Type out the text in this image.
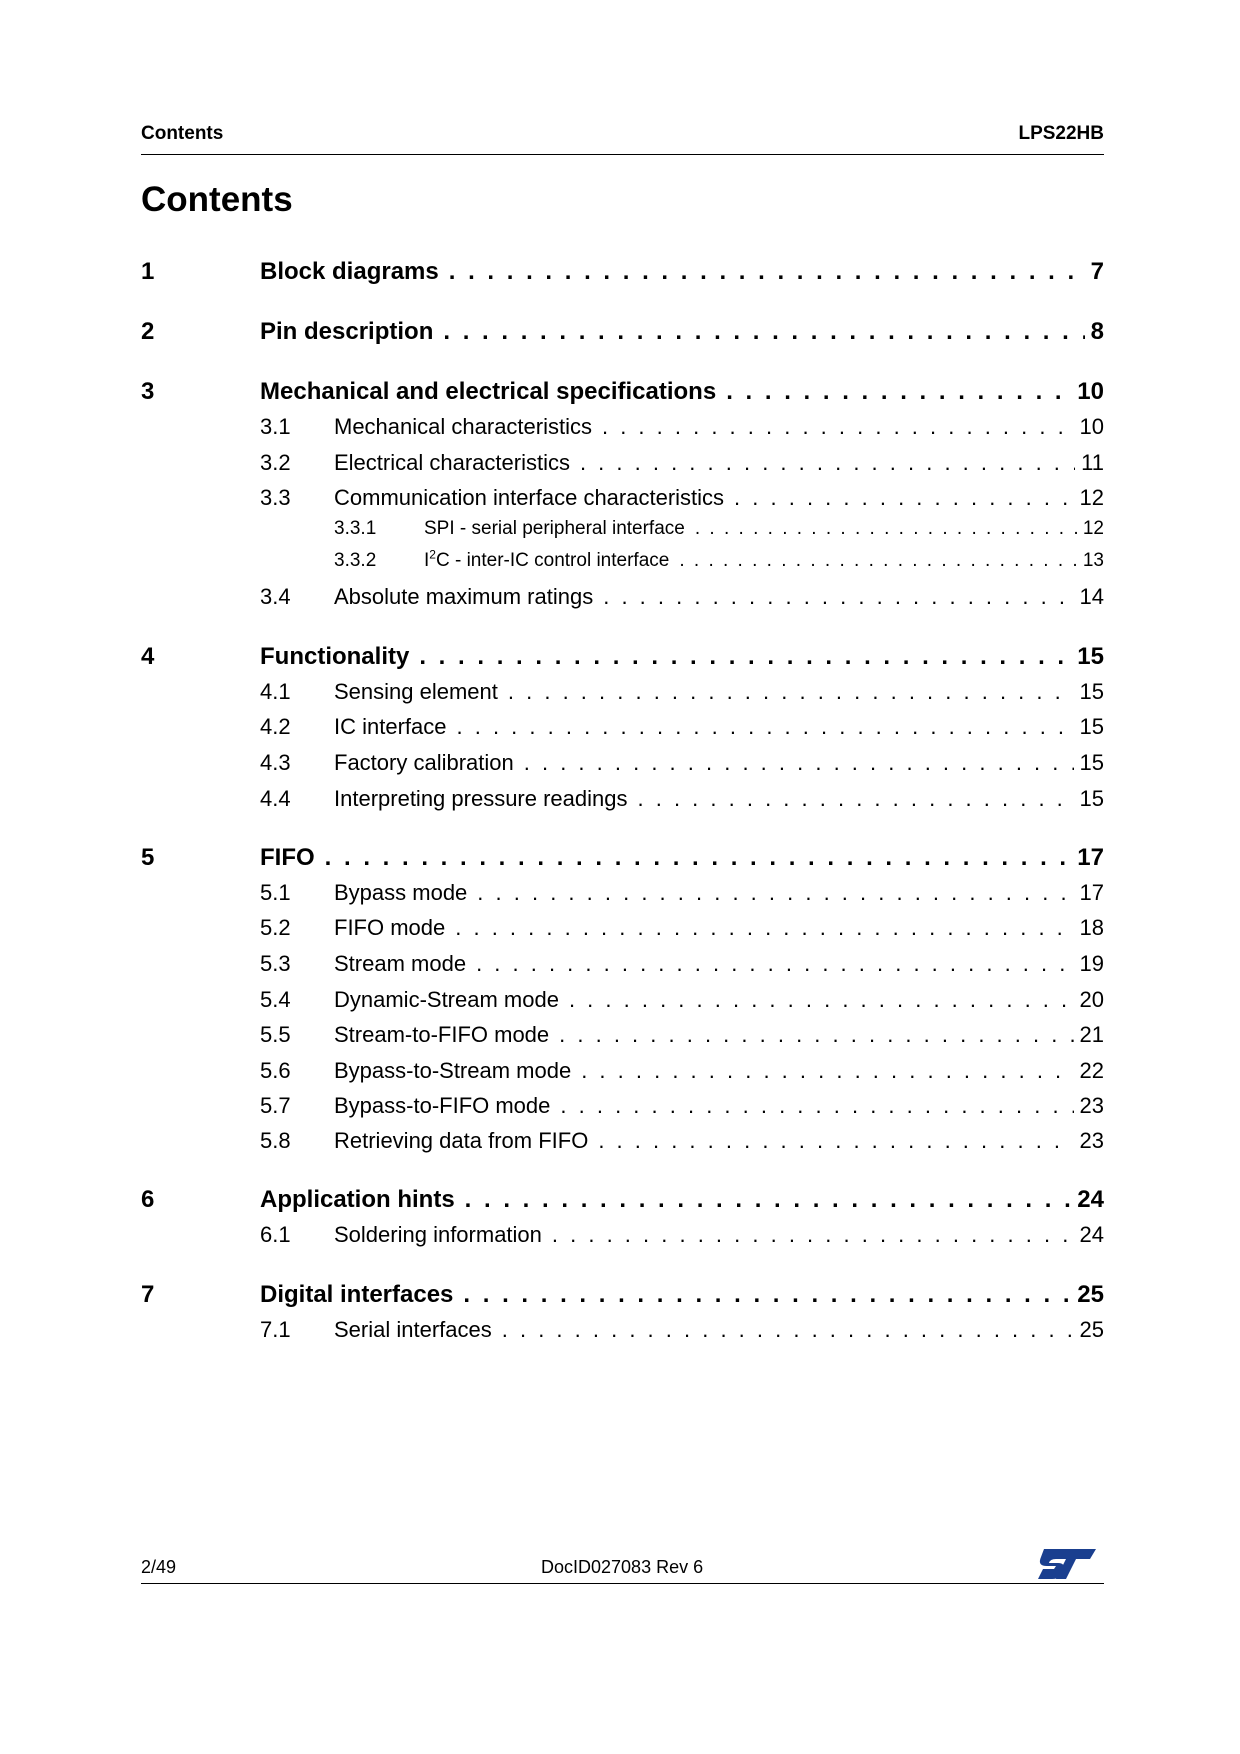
Contents	LPS22HB
Contents
1	Block diagrams . . .	7
2	Pin description . . .	8
3	Mechanical and electrical specifications . . .	10
3.1 Mechanical characteristics . . .	10
3.2 Electrical characteristics . . .	11
3.3 Communication interface characteristics . . .	12
3.3.1	SPI - serial peripheral interface . . .	12
3.3.2	$I^2C$ - inter-IC control interface . . .	13
3.4 Absolute maximum ratings . . .	14
4	Functionality . . .	15
4.1 Sensing element . . .	15
4.2 IC interface . . .	15
4.3 Factory calibration . . .	15
4.4 Interpreting pressure readings . . .	15
5	FIFO . . .	17
5.1 Bypass mode . . .	17
5.2 FIFO mode . . .	18
5.3 Stream mode . . .	19
5.4 Dynamic-Stream mode . . .	20
5.5 Stream-to-FIFO mode . . .	21
5.6 Bypass-to-Stream mode . . .	22
5.7 Bypass-to-FIFO mode . . .	23
5.8 Retrieving data from FIFO . . .	23
6	Application hints . . .	24
6.1 Soldering information . . .	24
7	Digital interfaces . . .	25
7.1 Serial interfaces . . .	25
2/49	DocID027083 Rev 6
